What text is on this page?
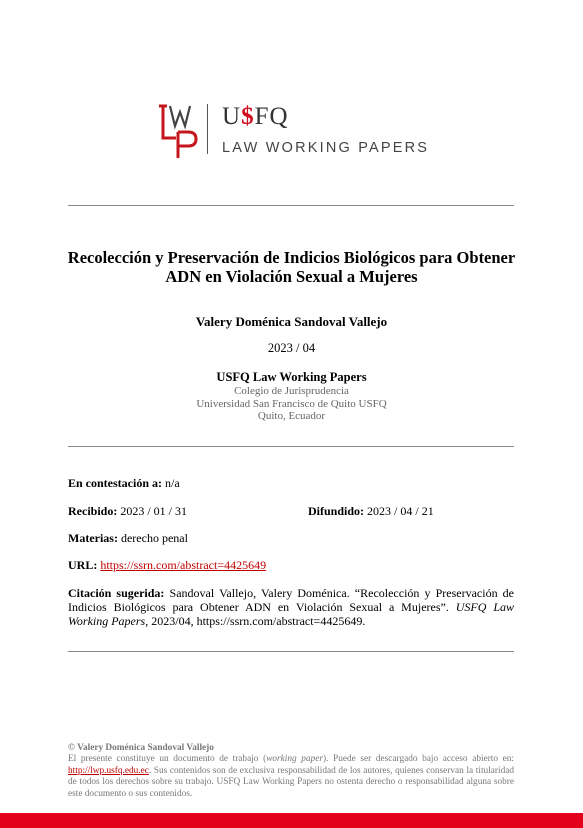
U$FQ
LAW WORKING PAPERS
Recolección y Preservación de Indicios Biológicos para Obtener
ADN en Violación Sexual a Mujeres
Valery Doménica Sandoval Vallejo
2023 / 04
USFQ Law Working Papers
Colegio de Jurisprudencia
Universidad San Francisco de Quito USFQ
Quito, Ecuador
En contestación a: n/a
Recibido: 2023 / 01 / 31	Difundido: 2023 / 04 / 21
Materias: derecho penal
URL: https://ssrn.com/abstract=4425649
Citación sugerida: Sandoval Vallejo, Valery Doménica. “Recolección y Preservación de Indicios Biológicos para Obtener ADN en Violación Sexual a Mujeres”. USFQ Law Working Papers, 2023/04, https://ssrn.com/abstract=4425649.
© Valery Doménica Sandoval Vallejo
El presente constituye un documento de trabajo (working paper). Puede ser descargado bajo acceso abierto en: http://lwp.usfq.edu.ec. Sus contenidos son de exclusiva responsabilidad de los autores, quienes conservan la titularidad de todos los derechos sobre su trabajo. USFQ Law Working Papers no ostenta derecho o responsabilidad alguna sobre este documento o sus contenidos.
